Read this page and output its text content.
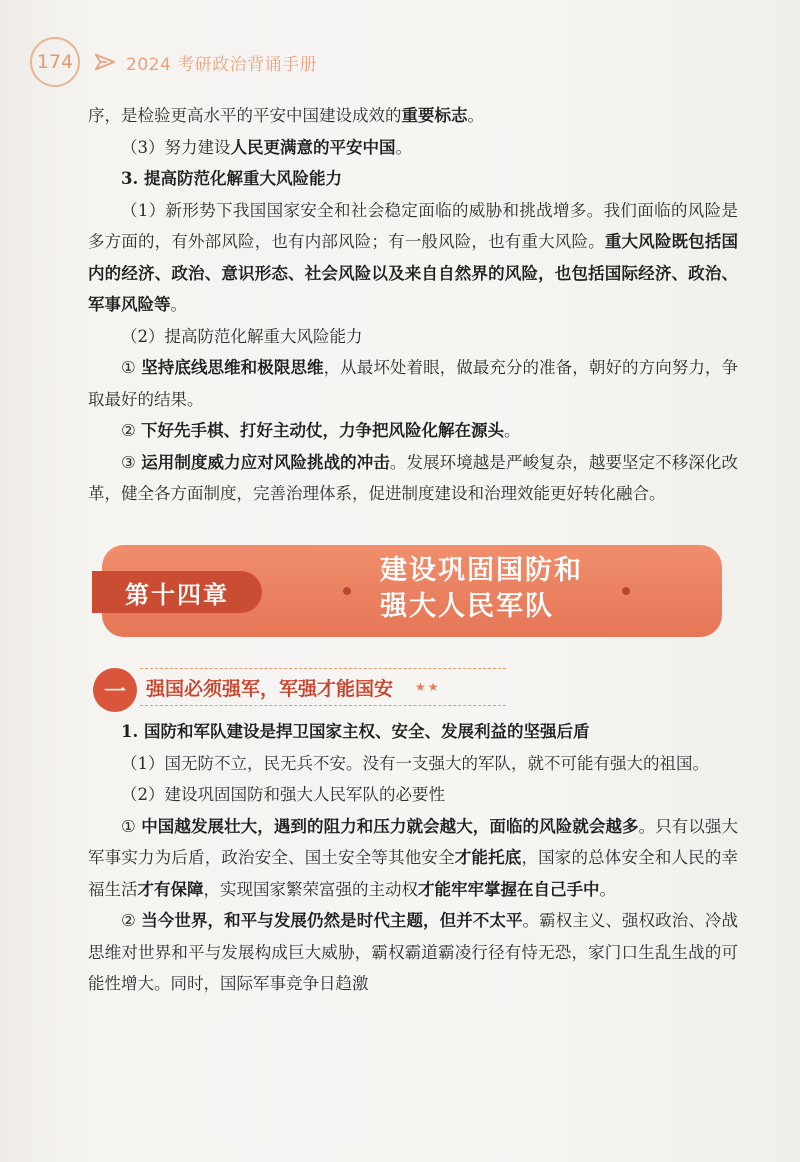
174	2024 考研政治背诵手册

序，是检验更高水平的平安中国建设成效的重要标志。

（3）努力建设人民更满意的平安中国。

3. 提高防范化解重大风险能力

（1）新形势下我国国家安全和社会稳定面临的威胁和挑战增多。我们面临的风险是多方面的，有外部风险，也有内部风险；有一般风险，也有重大风险。重大风险既包括国内的经济、政治、意识形态、社会风险以及来自自然界的风险，也包括国际经济、政治、军事风险等。

（2）提高防范化解重大风险能力

① 坚持底线思维和极限思维，从最坏处着眼，做最充分的准备，朝好的方向努力，争取最好的结果。

② 下好先手棋、打好主动仗，力争把风险化解在源头。

③ 运用制度威力应对风险挑战的冲击。发展环境越是严峻复杂，越要坚定不移深化改革，健全各方面制度，完善治理体系，促进制度建设和治理效能更好转化融合。

第十四章
建设巩固国防和
强大人民军队
一	强国必须强军，军强才能国安 ★★

1. 国防和军队建设是捍卫国家主权、安全、发展利益的坚强后盾

（1）国无防不立，民无兵不安。没有一支强大的军队，就不可能有强大的祖国。

（2）建设巩固国防和强大人民军队的必要性

① 中国越发展壮大，遇到的阻力和压力就会越大，面临的风险就会越多。只有以强大军事实力为后盾，政治安全、国土安全等其他安全才能托底，国家的总体安全和人民的幸福生活才有保障，实现国家繁荣富强的主动权才能牢牢掌握在自己手中。

② 当今世界，和平与发展仍然是时代主题，但并不太平。霸权主义、强权政治、冷战思维对世界和平与发展构成巨大威胁，霸权霸道霸凌行径有恃无恐，家门口生乱生战的可能性增大。同时，国际军事竞争日趋激
